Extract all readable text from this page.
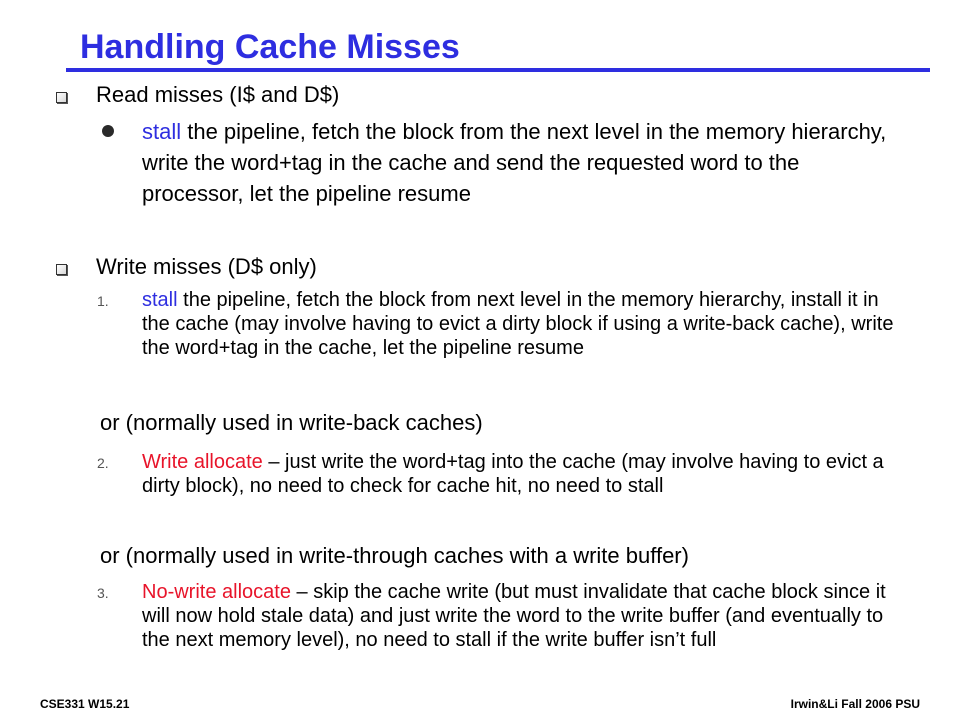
Handling Cache Misses
Read misses (I$ and D$)
stall the pipeline, fetch the block from the next level in the memory hierarchy, write the word+tag in the cache and send the requested word to the processor, let the pipeline resume
Write misses (D$ only)
1. stall the pipeline, fetch the block from next level in the memory hierarchy, install it in the cache (may involve having to evict a dirty block if using a write-back cache), write the word+tag in the cache, let the pipeline resume
or (normally used in write-back caches)
2. Write allocate – just write the word+tag into the cache (may involve having to evict a dirty block), no need to check for cache hit, no need to stall
or (normally used in write-through caches with a write buffer)
3. No-write allocate – skip the cache write (but must invalidate that cache block since it will now hold stale data) and just write the word to the write buffer (and eventually to the next memory level), no need to stall if the write buffer isn’t full
CSE331 W15.21	Irwin&Li Fall 2006 PSU
